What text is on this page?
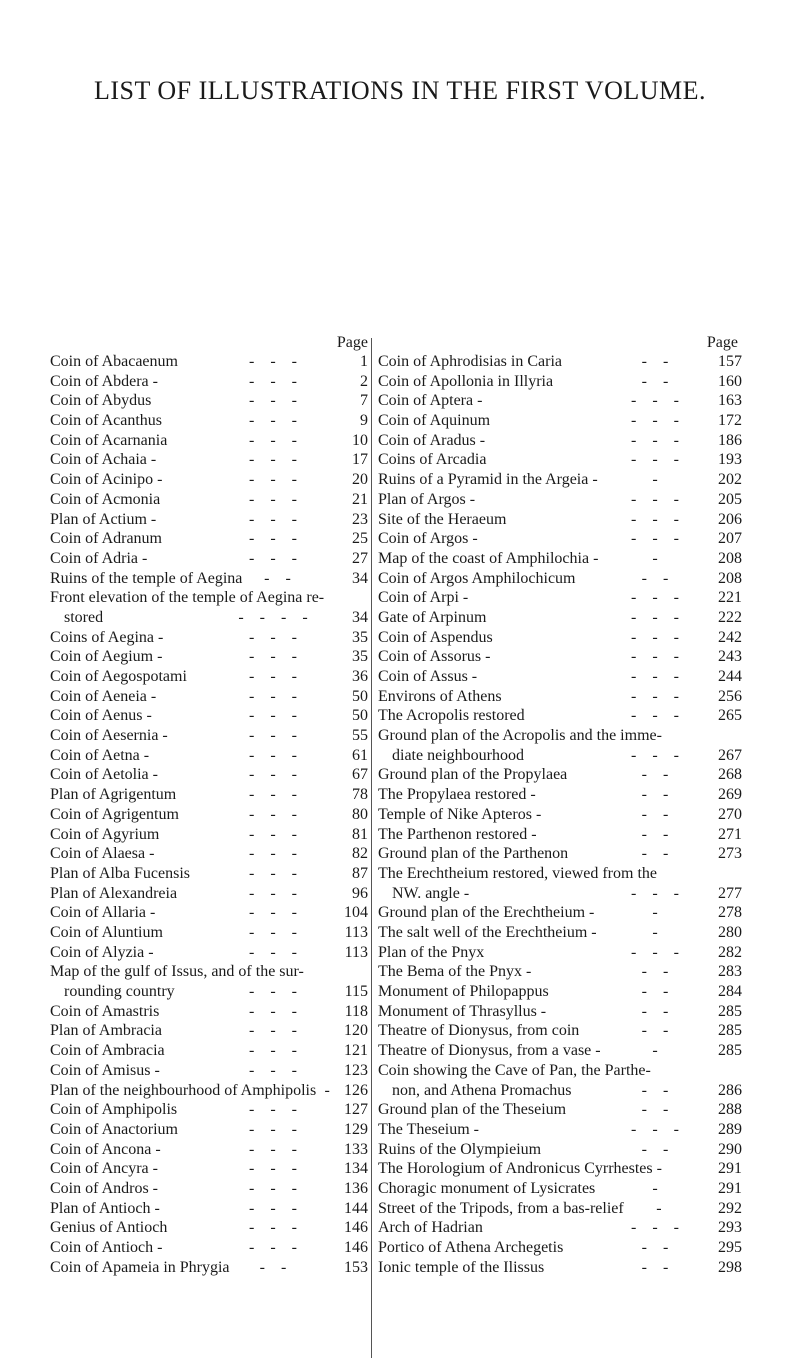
LIST OF ILLUSTRATIONS IN THE FIRST VOLUME.
Page
Coin of Abacaenum	- - -	1
Coin of Abdera -	- - -	2
Coin of Abydus	- - -	7
Coin of Acanthus	- - -	9
Coin of Acarnania	- - -	10
Coin of Achaia -	- - -	17
Coin of Acinipo -	- - -	20
Coin of Acmonia	- - -	21
Plan of Actium -	- - -	23
Coin of Adranum	- - -	25
Coin of Adria -	- - -	27
Ruins of the temple of Aegina	- -	34
Front elevation of the temple of Aegina re-
stored	- - - -	34
Coins of Aegina -	- - -	35
Coin of Aegium -	- - -	35
Coin of Aegospotami	- - -	36
Coin of Aeneia -	- - -	50
Coin of Aenus -	- - -	50
Coin of Aesernia -	- - -	55
Coin of Aetna -	- - -	61
Coin of Aetolia -	- - -	67
Plan of Agrigentum	- - -	78
Coin of Agrigentum	- - -	80
Coin of Agyrium	- - -	81
Coin of Alaesa -	- - -	82
Plan of Alba Fucensis	- - -	87
Plan of Alexandreia	- - -	96
Coin of Allaria -	- - -	104
Coin of Aluntium	- - -	113
Coin of Alyzia -	- - -	113
Map of the gulf of Issus, and of the sur-
rounding country	- - -	115
Coin of Amastris	- - -	118
Plan of Ambracia	- - -	120
Coin of Ambracia	- - -	121
Coin of Amisus -	- - -	123
Plan of the neighbourhood of Amphipolis - 126
Coin of Amphipolis	- - -	127
Coin of Anactorium	- - -	129
Coin of Ancona -	- - -	133
Coin of Ancyra -	- - -	134
Coin of Andros -	- - -	136
Plan of Antioch -	- - -	144
Genius of Antioch	- - -	146
Coin of Antioch -	- - -	146
Coin of Apameia in Phrygia	- -	153
Page
Coin of Aphrodisias in Caria	- -	157
Coin of Apollonia in Illyria	- -	160
Coin of Aptera -	- - -	163
Coin of Aquinum	- - -	172
Coin of Aradus -	- - -	186
Coins of Arcadia	- - -	193
Ruins of a Pyramid in the Argeia -	-	202
Plan of Argos -	- - -	205
Site of the Heraeum	- - -	206
Coin of Argos -	- - -	207
Map of the coast of Amphilochia -	-	208
Coin of Argos Amphilochicum	- -	208
Coin of Arpi -	- - -	221
Gate of Arpinum	- - -	222
Coin of Aspendus	- - -	242
Coin of Assorus -	- - -	243
Coin of Assus -	- - -	244
Environs of Athens	- - -	256
The Acropolis restored	- - -	265
Ground plan of the Acropolis and the imme-
diate neighbourhood	- - -	267
Ground plan of the Propylaea	- -	268
The Propylaea restored -	- -	269
Temple of Nike Apteros -	- -	270
The Parthenon restored -	- -	271
Ground plan of the Parthenon	- -	273
The Erechtheium restored, viewed from the
NW. angle -	- - -	277
Ground plan of the Erechtheium -	-	278
The salt well of the Erechtheium -	-	280
Plan of the Pnyx	- - -	282
The Bema of the Pnyx -	- -	283
Monument of Philopappus	- -	284
Monument of Thrasyllus -	- -	285
Theatre of Dionysus, from coin	- -	285
Theatre of Dionysus, from a vase -	-	285
Coin showing the Cave of Pan, the Parthe-
non, and Athena Promachus	- -	286
Ground plan of the Theseium	- -	288
The Theseium -	- - -	289
Ruins of the Olympieium	- -	290
The Horologium of Andronicus Cyrrhestes -	291
Choragic monument of Lysicrates	-	291
Street of the Tripods, from a bas-relief	-	292
Arch of Hadrian	- - -	293
Portico of Athena Archegetis	- -	295
Ionic temple of the Ilissus	- -	298
